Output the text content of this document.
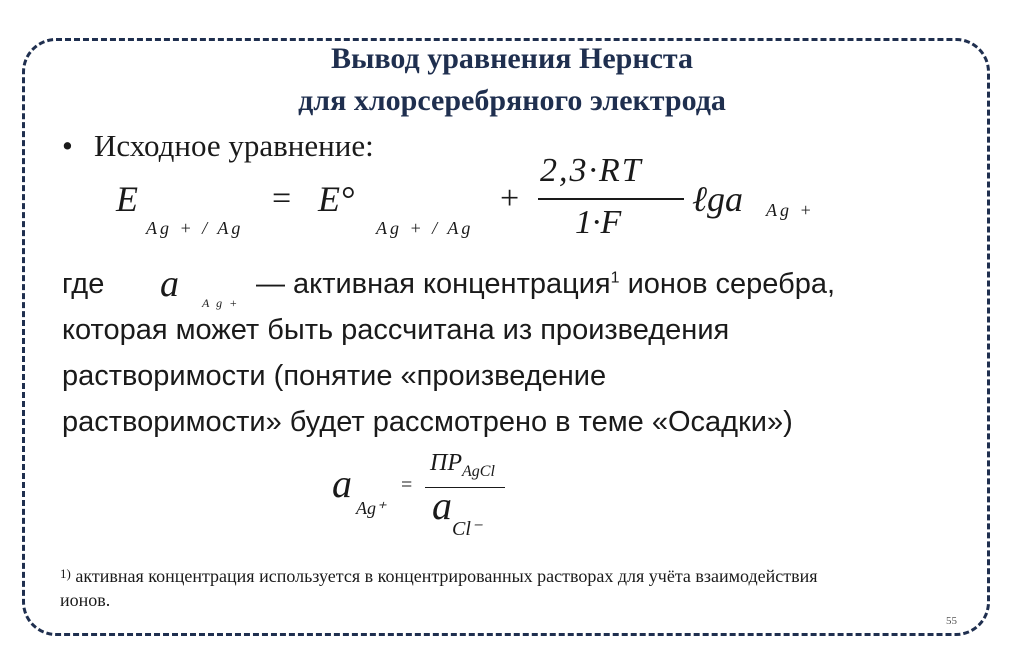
Вывод уравнения Нернста
для хлорсеребряного электрода
• Исходное уравнение:
E
Ag + / Ag
= E°
Ag + / Ag
+
2,3·RT
1·F
ℓga Ag +
где a A g +
— активная концентрация$^1$ ионов серебра,
которая может быть рассчитана из произведения
растворимости (понятие «произведение
растворимости» будет рассмотрено в теме «Осадки»)
a
Ag⁺
=
$ПР_{AgCl}$
a
Cl⁻
$^{1)}$ активная концентрация используется в концентрированных растворах для учёта взаимодействия
ионов.
55
